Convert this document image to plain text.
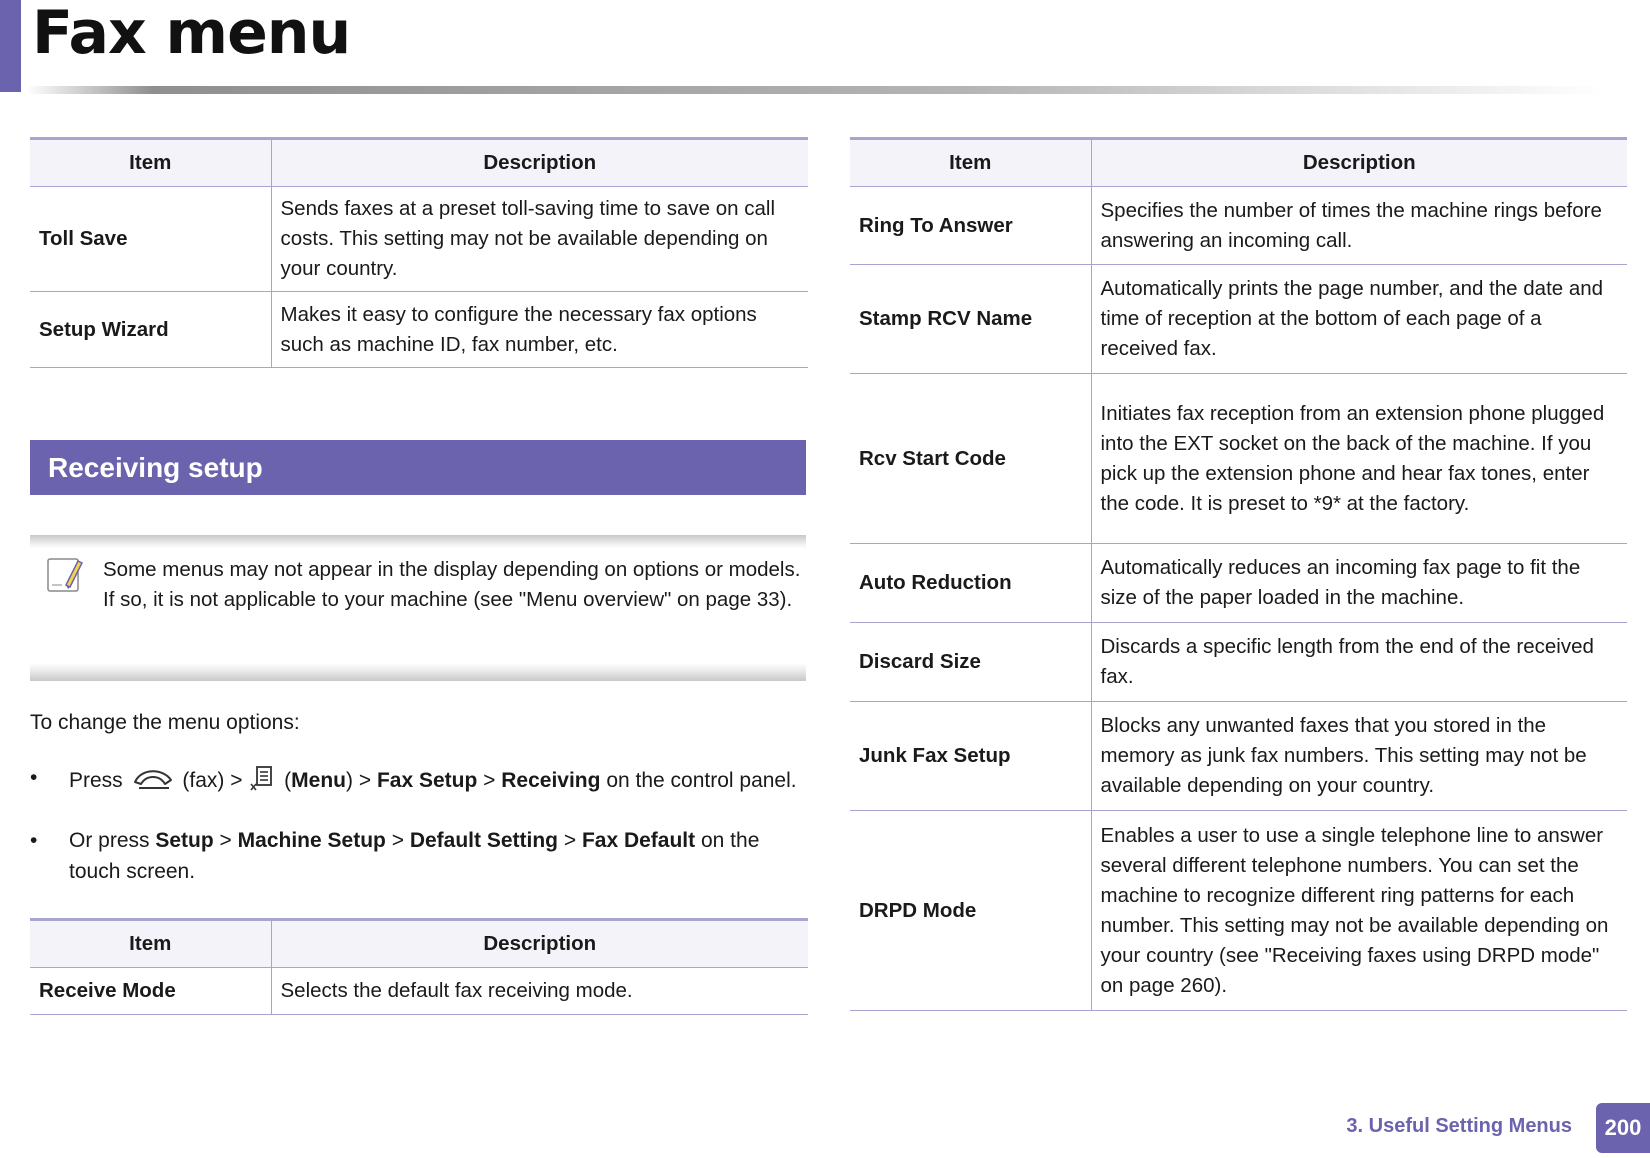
Fax menu
Item	Description
Toll Save	Sends faxes at a preset toll-saving time to save on call costs. This setting may not be available depending on your country.
Setup Wizard	Makes it easy to configure the necessary fax options such as machine ID, fax number, etc.
Receiving setup

Some menus may not appear in the display depending on options or models. If so, it is not applicable to your machine (see "Menu overview" on page 33).

To change the menu options:

• Press	(fax) > (Menu) > Fax Setup > Receiving on the control panel.
• Or press Setup > Machine Setup > Default Setting > Fax Default on the touch screen.
Item	Description
Receive Mode	Selects the default fax receiving mode.
Item	Description
Ring To Answer	Specifies the number of times the machine rings before answering an incoming call.
Stamp RCV Name	Automatically prints the page number, and the date and time of reception at the bottom of each page of a received fax.
Rcv Start Code	Initiates fax reception from an extension phone plugged into the EXT socket on the back of the machine. If you pick up the extension phone and hear fax tones, enter the code. It is preset to *9* at the factory.
Auto Reduction	Automatically reduces an incoming fax page to fit the size of the paper loaded in the machine.
Discard Size	Discards a specific length from the end of the received fax.
Junk Fax Setup	Blocks any unwanted faxes that you stored in the memory as junk fax numbers. This setting may not be available depending on your country.
DRPD Mode	Enables a user to use a single telephone line to answer several different telephone numbers. You can set the machine to recognize different ring patterns for each number. This setting may not be available depending on your country (see "Receiving faxes using DRPD mode" on page 260).
3. Useful Setting Menus	200
